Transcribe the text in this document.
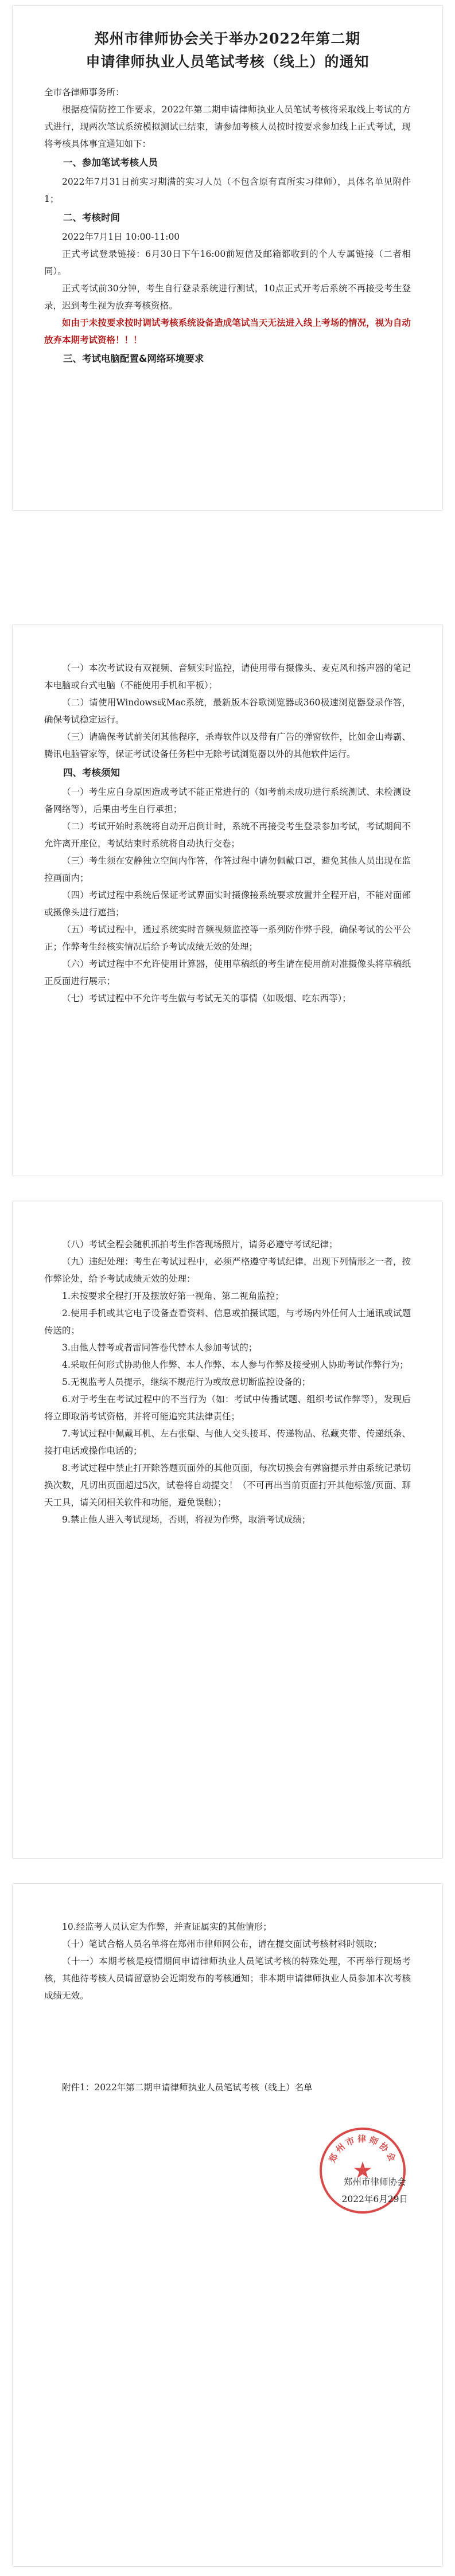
郑州市律师协会关于举办2022年第二期
申请律师执业人员笔试考核（线上）的通知

全市各律师事务所：

根据疫情防控工作要求，2022年第二期申请律师执业人员笔试考核将采取线上考试的方式进行，现两次笔试系统模拟测试已结束，请参加考核人员按时按要求参加线上正式考试，现将考核具体事宜通知如下：

一、参加笔试考核人员

2022年7月31日前实习期满的实习人员（不包含原有直所实习律师），具体名单见附件1；

二、考核时间

2022年7月1日 10:00-11:00

正式考试登录链接：6月30日下午16:00前短信及邮箱都收到的个人专属链接（二者相同）。

正式考试前30分钟，考生自行登录系统进行测试，10点正式开考后系统不再接受考生登录，迟到考生视为放弃考核资格。

如由于未按要求按时调试考核系统设备造成笔试当天无法进入线上考场的情况，视为自动放弃本期考试资格！！！

三、考试电脑配置&网络环境要求

（一）本次考试设有双视频、音频实时监控，请使用带有摄像头、麦克风和扬声器的笔记本电脑或台式电脑（不能使用手机和平板）；

（二）请使用Windows或Mac系统，最新版本谷歌浏览器或360极速浏览器登录作答，确保考试稳定运行。

（三）请确保考试前关闭其他程序，杀毒软件以及带有广告的弹窗软件，比如金山毒霸、腾讯电脑管家等，保证考试设备任务栏中无除考试浏览器以外的其他软件运行。

四、考核须知

（一）考生应自身原因造成考试不能正常进行的（如考前未成功进行系统测试、未检测设备网络等），后果由考生自行承担；

（二）考试开始时系统将自动开启倒计时，系统不再接受考生登录参加考试，考试期间不允许离开座位，考试结束时系统将自动执行交卷；

（三）考生须在安静独立空间内作答，作答过程中请勿佩戴口罩，避免其他人员出现在监控画面内；

（四）考试过程中系统后保证考试界面实时摄像接系统要求放置并全程开启，不能对面部或摄像头进行遮挡；

（五）考试过程中，通过系统实时音频视频监控等一系列防作弊手段，确保考试的公平公正；作弊考生经核实情况后给予考试成绩无效的处理；

（六）考试过程中不允许使用计算器，使用草稿纸的考生请在使用前对准摄像头将草稿纸正反面进行展示；

（七）考试过程中不允许考生做与考试无关的事情（如吸烟、吃东西等）；

（八）考试全程会随机抓拍考生作答现场照片，请务必遵守考试纪律；

（九）违纪处理：考生在考试过程中，必须严格遵守考试纪律，出现下列情形之一者，按作弊论处，给予考试成绩无效的处理：

1.未按要求全程打开及摆放好第一视角、第二视角监控；

2.使用手机或其它电子设备查看资料、信息或拍摄试题，与考场内外任何人士通讯或试题传送的；

3.由他人替考或者雷同答卷代替本人参加考试的；

4.采取任何形式协助他人作弊、本人作弊、本人参与作弊及接受别人协助考试作弊行为；

5.无视监考人员提示，继续不规范行为或故意切断监控设备的；

6.对于考生在考试过程中的不当行为（如：考试中传播试题、组织考试作弊等），发现后将立即取消考试资格，并将可能追究其法律责任；

7.考试过程中佩戴耳机、左右张望、与他人交头接耳、传递物品、私藏夹带、传递纸条、接打电话或操作电话的；

8.考试过程中禁止打开除答题页面外的其他页面，每次切换会有弹窗提示并由系统记录切换次数，凡切出页面超过5次，试卷将自动提交！（不可再出当前页面打开其他标签/页面、聊天工具，请关闭相关软件和功能，避免误触）；

9.禁止他人进入考试现场，否则，将视为作弊，取消考试成绩；

10.经监考人员认定为作弊，并查证属实的其他情形；

（十）笔试合格人员名单将在郑州市律师网公布，请在提交面试考核材料时领取；

（十一）本期考核是疫情期间申请律师执业人员笔试考核的特殊处理，不再举行现场考核，其他待考核人员请留意协会近期发布的考核通知；非本期申请律师执业人员参加本次考核成绩无效。

附件1：2022年第二期申请律师执业人员笔试考核（线上）名单

郑州市律师协会
★
郑州市律师协会
2022年6月29日
